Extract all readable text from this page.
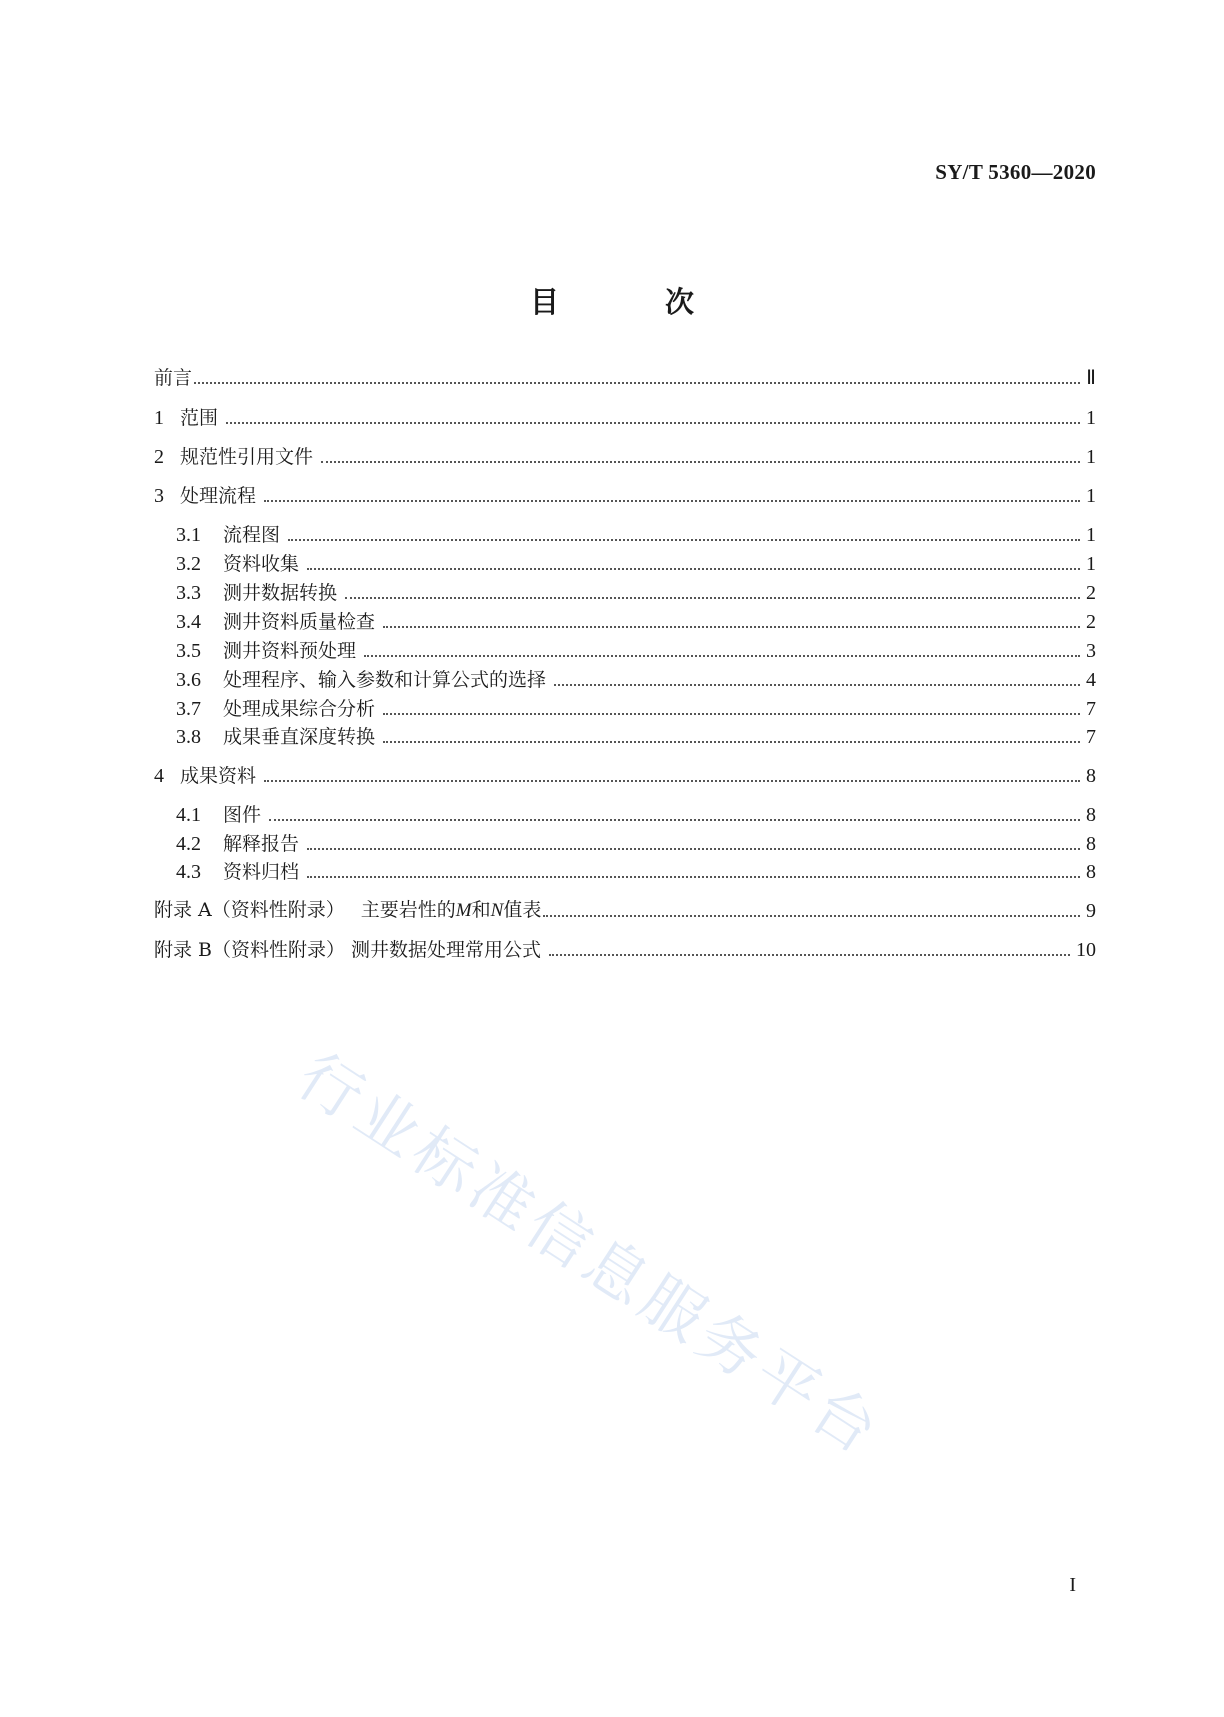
SY/T 5360—2020
目 次
前言	Ⅱ
1 范围	1
2 规范性引用文件	1
3 处理流程	1
3.1 流程图	1
3.2 资料收集	1
3.3 测井数据转换	2
3.4 测井资料质量检查	2
3.5 测井资料预处理	3
3.6 处理程序、输入参数和计算公式的选择	4
3.7 处理成果综合分析	7
3.8 成果垂直深度转换	7
4 成果资料	8
4.1 图件	8
4.2 解释报告	8
4.3 资料归档	8
附录 A（资料性附录） 主要岩性的M和N值表	9
附录 B（资料性附录） 测井数据处理常用公式	10
I
行业标准信息服务平台
